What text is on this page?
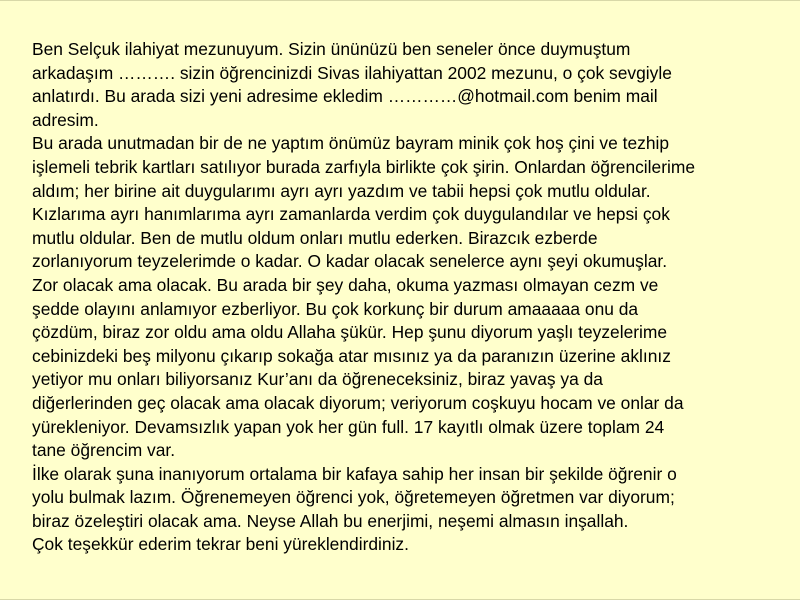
Ben Selçuk ilahiyat mezunuyum. Sizin ününüzü ben seneler önce duymuştum
arkadaşım ………. sizin öğrencinizdi Sivas ilahiyattan 2002 mezunu, o çok sevgiyle
anlatırdı. Bu arada sizi yeni adresime ekledim …………@hotmail.com benim mail
adresim.
Bu arada unutmadan bir de ne yaptım önümüz bayram minik çok hoş çini ve tezhip
işlemeli tebrik kartları satılıyor burada zarfıyla birlikte çok şirin. Onlardan öğrencilerime
aldım; her birine ait duygularımı ayrı ayrı yazdım ve tabii hepsi çok mutlu oldular.
Kızlarıma ayrı hanımlarıma ayrı zamanlarda verdim çok duygulandılar ve hepsi çok
mutlu oldular. Ben de mutlu oldum onları mutlu ederken. Birazcık ezberde
zorlanıyorum teyzelerimde o kadar. O kadar olacak senelerce aynı şeyi okumuşlar.
Zor olacak ama olacak. Bu arada bir şey daha, okuma yazması olmayan cezm ve
şedde olayını anlamıyor ezberliyor. Bu çok korkunç bir durum amaaaaa onu da
çözdüm, biraz zor oldu ama oldu Allaha şükür. Hep şunu diyorum yaşlı teyzelerime
cebinizdeki beş milyonu çıkarıp sokağa atar mısınız ya da paranızın üzerine aklınız
yetiyor mu onları biliyorsanız Kur’anı da öğreneceksiniz, biraz yavaş ya da
diğerlerinden geç olacak ama olacak diyorum; veriyorum coşkuyu hocam ve onlar da
yürekleniyor. Devamsızlık yapan yok her gün full. 17 kayıtlı olmak üzere toplam 24
tane öğrencim var.
İlke olarak şuna inanıyorum ortalama bir kafaya sahip her insan bir şekilde öğrenir o
yolu bulmak lazım. Öğrenemeyen öğrenci yok, öğretemeyen öğretmen var diyorum;
biraz özeleştiri olacak ama. Neyse Allah bu enerjimi, neşemi almasın inşallah.
Çok teşekkür ederim tekrar beni yüreklendirdiniz.
